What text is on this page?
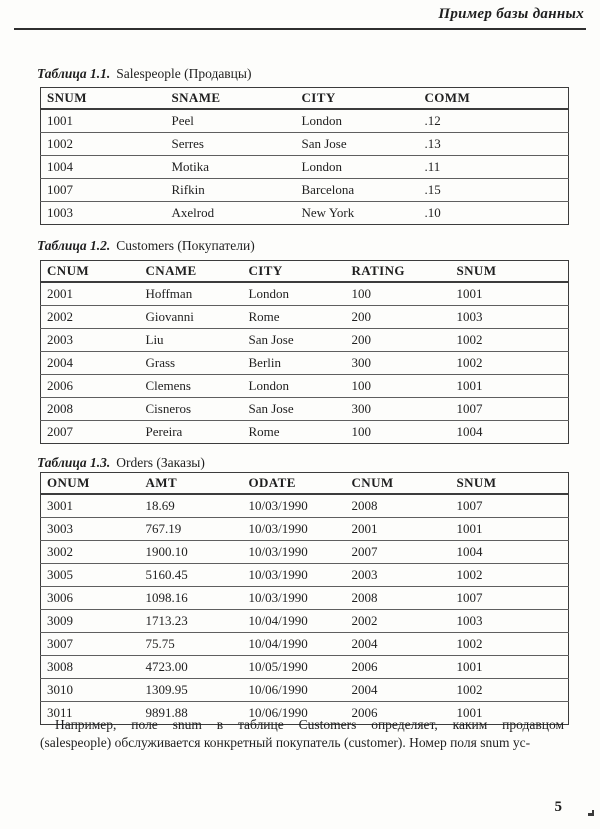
Пример базы данных
Таблица 1.1. Salespeople (Продавцы)
SNUM	SNAME	CITY	COMM
1001	Peel	London	.12
1002	Serres	San Jose	.13
1004	Motika	London	.11
1007	Rifkin	Barcelona	.15
1003	Axelrod	New York	.10
Таблица 1.2. Customers (Покупатели)
CNUM	CNAME	CITY	RATING	SNUM
2001	Hoffman	London	100	1001
2002	Giovanni	Rome	200	1003
2003	Liu	San Jose	200	1002
2004	Grass	Berlin	300	1002
2006	Clemens	London	100	1001
2008	Cisneros	San Jose	300	1007
2007	Pereira	Rome	100	1004
Таблица 1.3. Orders (Заказы)
ONUM	AMT	ODATE	CNUM	SNUM
3001	18.69	10/03/1990	2008	1007
3003	767.19	10/03/1990	2001	1001
3002	1900.10	10/03/1990	2007	1004
3005	5160.45	10/03/1990	2003	1002
3006	1098.16	10/03/1990	2008	1007
3009	1713.23	10/04/1990	2002	1003
3007	75.75	10/04/1990	2004	1002
3008	4723.00	10/05/1990	2006	1001
3010	1309.95	10/06/1990	2004	1002
3011	9891.88	10/06/1990	2006	1001
Например, поле snum в таблице Customers определяет, каким продавцом
(salespeople) обслуживается конкретный покупатель (customer). Номер поля snum ус-
5
